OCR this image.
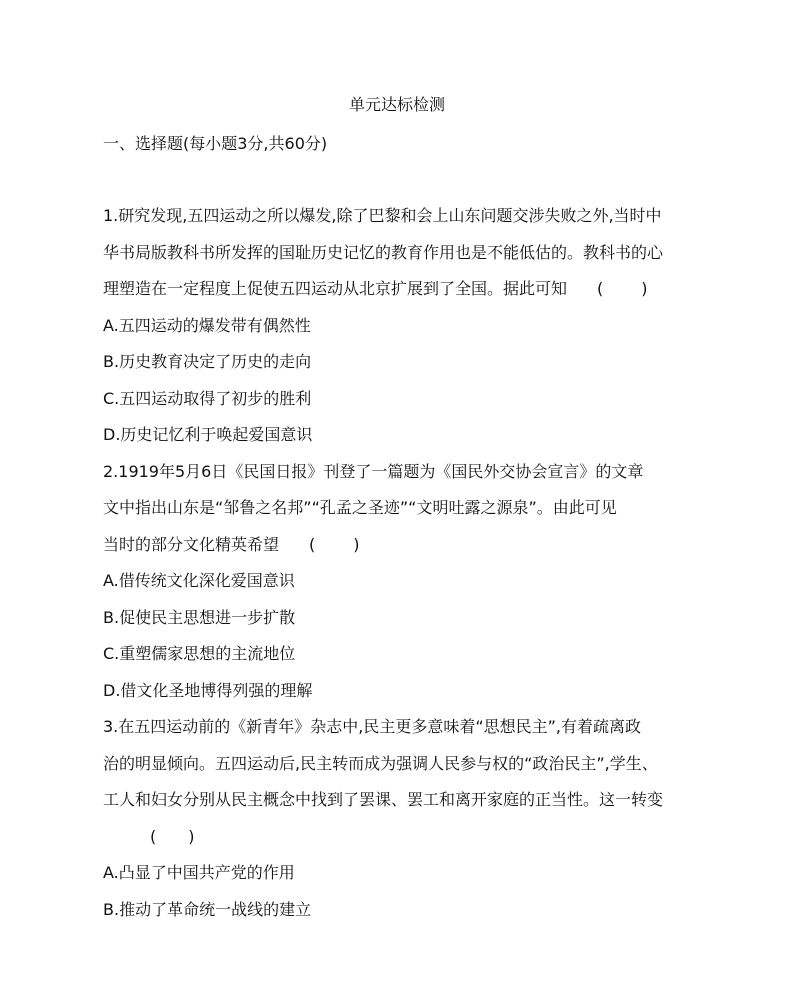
单元达标检测
一、选择题(每小题3分,共60分)
1.研究发现,五四运动之所以爆发,除了巴黎和会上山东问题交涉失败之外,当时中
华书局版教科书所发挥的国耻历史记忆的教育作用也是不能低估的。教科书的心
理塑造在一定程度上促使五四运动从北京扩展到了全国。据此可知 (　　)
A.五四运动的爆发带有偶然性
B.历史教育决定了历史的走向
C.五四运动取得了初步的胜利
D.历史记忆利于唤起爱国意识
2.1919年5月6日《民国日报》刊登了一篇题为《国民外交协会宣言》的文章
文中指出山东是“邹鲁之名邦”“孔孟之圣迹”“文明吐露之源泉”。由此可见
当时的部分文化精英希望 (　　)
A.借传统文化深化爱国意识
B.促使民主思想进一步扩散
C.重塑儒家思想的主流地位
D.借文化圣地博得列强的理解
3.在五四运动前的《新青年》杂志中,民主更多意味着“思想民主”,有着疏离政
治的明显倾向。五四运动后,民主转而成为强调人民参与权的“政治民主”,学生、
工人和妇女分别从民主概念中找到了罢课、罢工和离开家庭的正当性。这一转变
(　　)
A.凸显了中国共产党的作用
B.推动了革命统一战线的建立
